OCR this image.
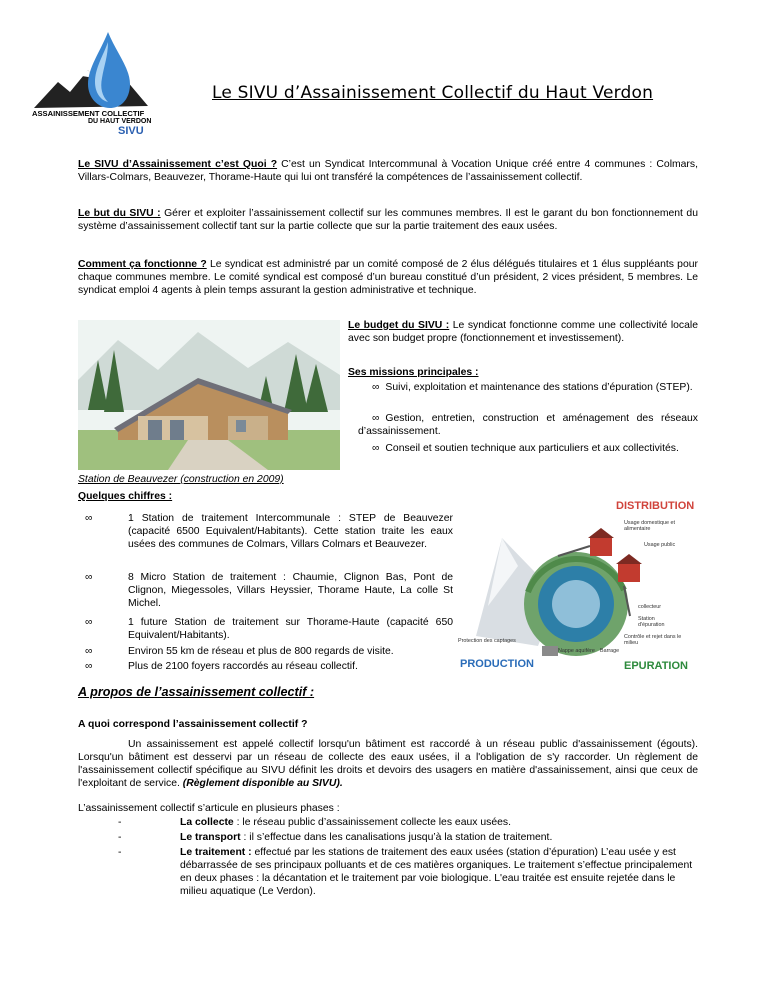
ASSAINISSEMENT COLLECTIF
DU HAUT VERDON
SIVU
Le SIVU d’Assainissement Collectif du Haut Verdon

Le SIVU d’Assainissement c’est Quoi ? C’est un Syndicat Intercommunal à Vocation Unique créé entre 4 communes : Colmars, Villars-Colmars, Beauvezer, Thorame-Haute qui lui ont transféré la compétences de l’assainissement collectif.

Le but du SIVU : Gérer et exploiter l’assainissement collectif sur les communes membres. Il est le garant du bon fonctionnement du système d’assainissement collectif tant sur la partie collecte que sur la partie traitement des eaux usées.

Comment ça fonctionne ? Le syndicat est administré par un comité composé de 2 élus délégués titulaires et 1 élus suppléants pour chaque communes membre. Le comité syndical est composé d’un bureau constitué d’un président, 2 vices président, 5 membres. Le syndicat emploi 4 agents à plein temps assurant la gestion administrative et technique.

Station de Beauvezer (construction en 2009)

Le budget du SIVU : Le syndicat fonctionne comme une collectivité locale avec son budget propre (fonctionnement et investissement).

Ses missions principales :

∞ Suivi, exploitation et maintenance des stations d’épuration (STEP).

∞ Gestion, entretien, construction et aménagement des réseaux d’assainissement.

∞ Conseil et soutien technique aux particuliers et aux collectivités.

Quelques chiffres :
∞	1 Station de traitement Intercommunale : STEP de Beauvezer (capacité 6500 Equivalent/Habitants). Cette station traite les eaux usées des communes de Colmars, Villars Colmars et Beauvezer.

∞	8 Micro Station de traitement : Chaumie, Clignon Bas, Pont de Clignon, Miegessoles, Villars Heyssier, Thorame Haute, La colle St Michel.

∞	1 future Station de traitement sur Thorame-Haute (capacité 650 Equivalent/Habitants).

∞	Environ 55 km de réseau et plus de 800 regards de visite.

∞	Plus de 2100 foyers raccordés au réseau collectif.

DISTRIBUTION
Usage domestique et alimentaire
Usage public
collecteur
Station d'épuration
Contrôle et rejet dans le milieu
Protection des captages
Nappe aquifère Barrage
PRODUCTION	EPURATION
A propos de l’assainissement collectif :
A quoi correspond l’assainissement collectif ?

Un assainissement est appelé collectif lorsqu'un bâtiment est raccordé à un réseau public d'assainissement (égouts). Lorsqu'un bâtiment est desservi par un réseau de collecte des eaux usées, il a l'obligation de s'y raccorder. Un règlement de l'assainissement collectif spécifique au SIVU définit les droits et devoirs des usagers en matière d'assainissement, ainsi que ceux de l'exploitant de service. (Règlement disponible au SIVU).

L’assainissement collectif s’articule en plusieurs phases :
-	La collecte : le réseau public d’assainissement collecte les eaux usées.

-	Le transport : il s’effectue dans les canalisations jusqu’à la station de traitement.

-	Le traitement : effectué par les stations de traitement des eaux usées (station d’épuration) L’eau usée y est débarrassée de ses principaux polluants et de ces matières organiques. Le traitement s’effectue principalement en deux phases : la décantation et le traitement par voie biologique. L'eau traitée est ensuite rejetée dans le milieu aquatique (Le Verdon).
